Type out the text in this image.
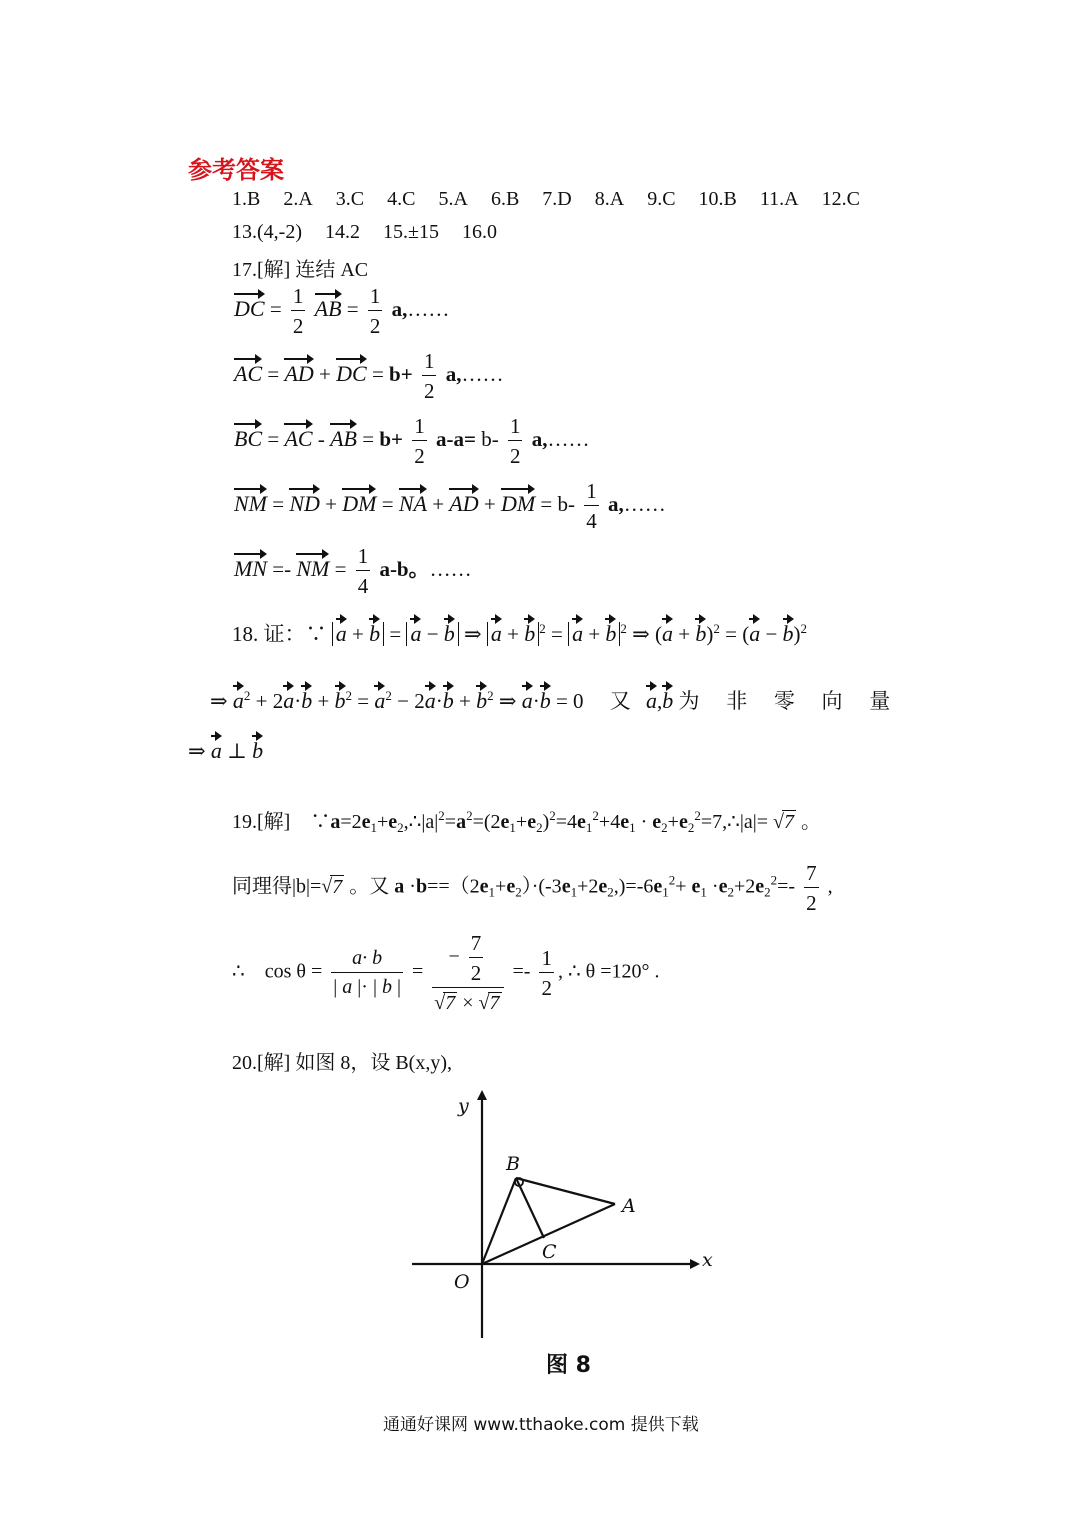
参考答案
1.B 2.A 3.C 4.C 5.A 6.B 7.D 8.A 9.C 10.B 11.A 12.C
13.(4,-2) 14.2 15.±15 16.0
17.[解] 连结 AC
DC = $\frac{1}{2}$ AB = $\frac{1}{2}$ a,……
AC = AD + DC = $b+ \frac{1}{2}$ a,……
BC = AC - AB = $b+ \frac{1}{2} a-a= b- \frac{1}{2}$ a,……
NM = ND + DM = NA + AD + DM = $b- \frac{1}{4}$ a,……
MN =- NM = $\frac{1}{4} a-b$。……
18. 证：∵ a + b = a − b ⇒ a + b $^2$ = a + b $^2$ ⇒ $(a + b)^2 = (a - b)^2$
⇒ $a^2 + 2a\cdot b + b^2 = a^2 - 2a\cdot b + b^2$ ⇒ a·b = 0     又 a,b 为 非 零 向 量
⇒ a ⊥ b
19.[解]    $\because a=2e_1+e_2,\therefore|a|^2=a^2=(2e_1+e_2)^2=4e_1^2+4e_1$ · $e_2+e_2^2=7,\therefore|a|= √7$ 。
同理得|b|=√7 。又 $a \cdot b==(2e_1+e_2)\cdot(-3e_1+2e_2,)=-6e_1^2+ e_1 \cdot e_2+2e_2^2=- \frac{7}{2}$ ,
∴ $\cos \theta = \frac{a\cdot b}{| a |\cdot | b |} = \frac{- \frac{7}{2}}{√7 \times √7} =- \frac{1}{2}$ , ∴ θ =120° .
20.[解] 如图 8，设 B(x,y),
y
x
O
B
A
C
图 8
通通好课网 www.tthaoke.com 提供下载
